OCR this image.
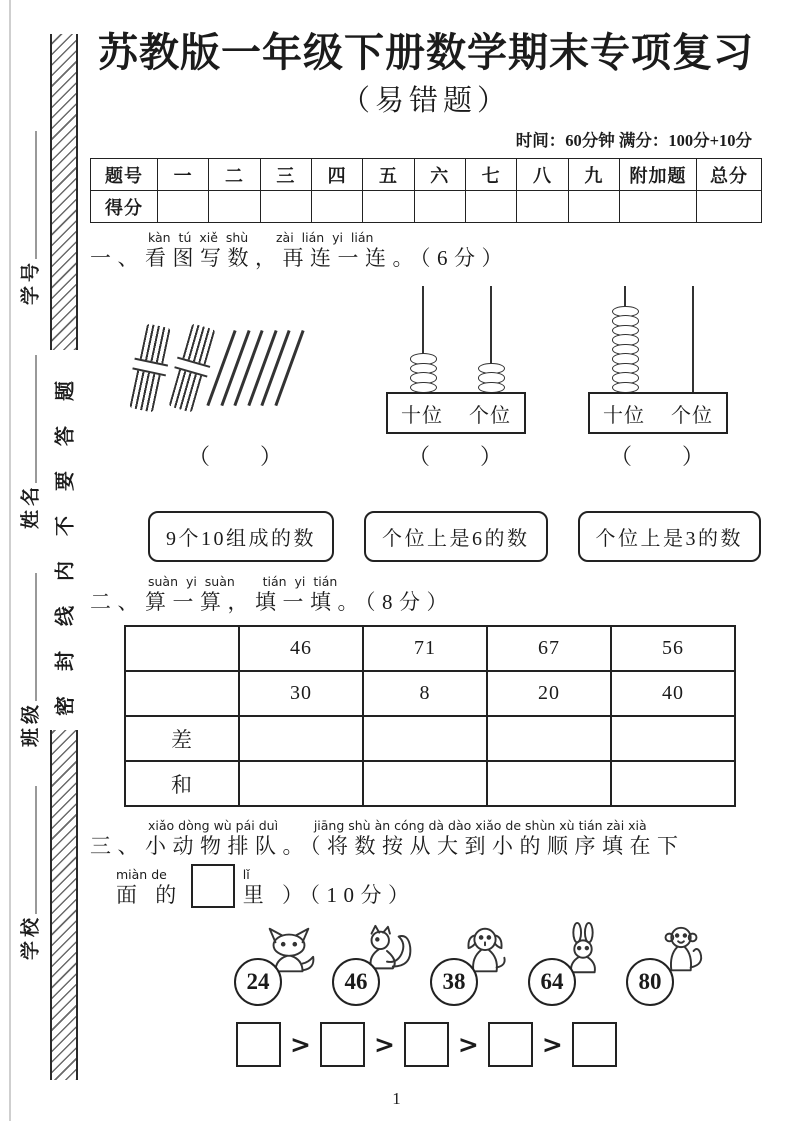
密封线内不要答题
学号
姓名
班级
学校
苏教版一年级下册数学期末专项复习
（易错题）
时间：60分钟 满分：100分+10分
题号	一	二	三	四	五	六	七	八	九	附加题	总分
得分											
kàn  tú  xiě  shù       zài  lián  yi  lián
一、看图写数，再连一连。（6分）
（　　）
十位 个位
（　　）
十位 个位
（　　）
9个10组成的数	个位上是6的数	个位上是3的数
suàn  yi  suàn       tián  yi  tián
二、算一算，填一填。（8分）
	46	71	67	56
	30	8	20	40
差				
和				
xiǎo dòng wù pái duì         jiāng shù àn cóng dà dào xiǎo de shùn xù tián zài xià
三、小动物排队。（将数按从大到小的顺序填在下
miàn de
面 的
lǐ
里 ）（10分）
24	46	38	64	80
>	>	>	>
1
